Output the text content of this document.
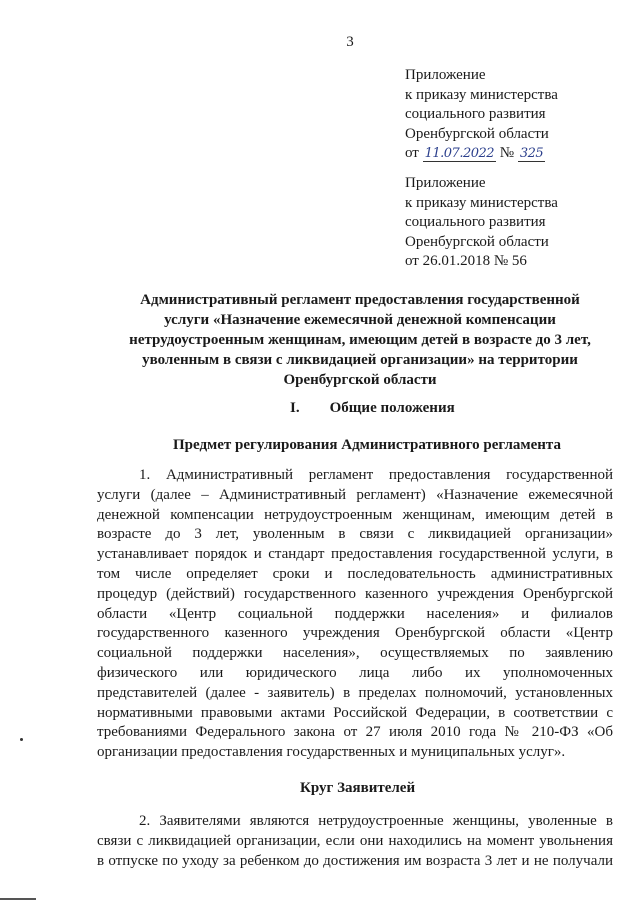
3
Приложение
к приказу министерства
социального развития
Оренбургской области
от 11.07.2022 № 325
Приложение
к приказу министерства
социального развития
Оренбургской области
от 26.01.2018 № 56
Административный регламент предоставления государственной
услуги «Назначение ежемесячной денежной компенсации
нетрудоустроенным женщинам, имеющим детей в возрасте до 3 лет,
уволенным в связи с ликвидацией организации» на территории
Оренбургской области
I. Общие положения
Предмет регулирования Административного регламента
1. Административный регламент предоставления государственной
услуги (далее – Административный регламент) «Назначение ежемесячной
денежной компенсации нетрудоустроенным женщинам, имеющим детей в
возрасте до 3 лет, уволенным в связи с ликвидацией организации»
устанавливает порядок и стандарт предоставления государственной услуги, в
том числе определяет сроки и последовательность административных
процедур (действий) государственного казенного учреждения Оренбургской
области «Центр социальной поддержки населения» и филиалов
государственного казенного учреждения Оренбургской области «Центр
социальной поддержки населения», осуществляемых по заявлению
физического или юридического лица либо их уполномоченных
представителей (далее - заявитель) в пределах полномочий, установленных
нормативными правовыми актами Российской Федерации, в соответствии с
требованиями Федерального закона от 27 июля 2010 года № 210-ФЗ «Об
организации предоставления государственных и муниципальных услуг».
Круг Заявителей
2. Заявителями являются нетрудоустроенные женщины, уволенные в
связи с ликвидацией организации, если они находились на момент увольнения
в отпуске по уходу за ребенком до достижения им возраста 3 лет и не получали
